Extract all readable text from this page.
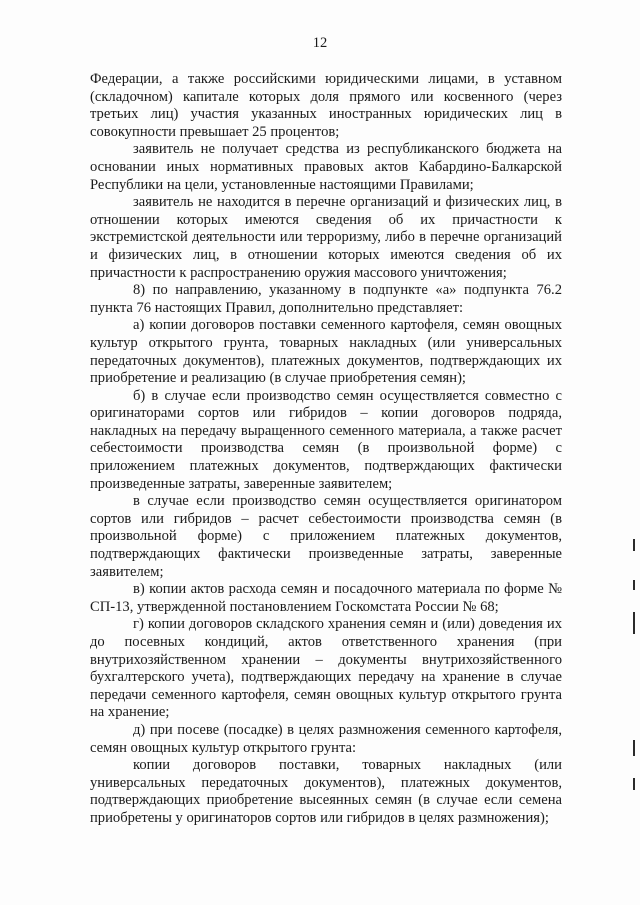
12

Федерации, а также российскими юридическими лицами, в уставном (складочном) капитале которых доля прямого или косвенного (через третьих лиц) участия указанных иностранных юридических лиц в совокупности превышает 25 процентов;

заявитель не получает средства из республиканского бюджета на основании иных нормативных правовых актов Кабардино-Балкарской Республики на цели, установленные настоящими Правилами;

заявитель не находится в перечне организаций и физических лиц, в отношении которых имеются сведения об их причастности к экстремистской деятельности или терроризму, либо в перечне организаций и физических лиц, в отношении которых имеются сведения об их причастности к распространению оружия массового уничтожения;

8) по направлению, указанному в подпункте «а» подпункта 76.2 пункта 76 настоящих Правил, дополнительно представляет:

а) копии договоров поставки семенного картофеля, семян овощных культур открытого грунта, товарных накладных (или универсальных передаточных документов), платежных документов, подтверждающих их приобретение и реализацию (в случае приобретения семян);

б) в случае если производство семян осуществляется совместно с оригинаторами сортов или гибридов – копии договоров подряда, накладных на передачу выращенного семенного материала, а также расчет себестоимости производства семян (в произвольной форме) с приложением платежных документов, подтверждающих фактически произведенные затраты, заверенные заявителем;

в случае если производство семян осуществляется оригинатором сортов или гибридов – расчет себестоимости производства семян (в произвольной форме) с приложением платежных документов, подтверждающих фактически произведенные затраты, заверенные заявителем;

в) копии актов расхода семян и посадочного материала по форме № СП-13, утвержденной постановлением Госкомстата России № 68;

г) копии договоров складского хранения семян и (или) доведения их до посевных кондиций, актов ответственного хранения (при внутрихозяйственном хранении – документы внутрихозяйственного бухгалтерского учета), подтверждающих передачу на хранение в случае передачи семенного картофеля, семян овощных культур открытого грунта на хранение;

д) при посеве (посадке) в целях размножения семенного картофеля, семян овощных культур открытого грунта:

копии договоров поставки, товарных накладных (или универсальных передаточных документов), платежных документов, подтверждающих приобретение высеянных семян (в случае если семена приобретены у оригинаторов сортов или гибридов в целях размножения);
